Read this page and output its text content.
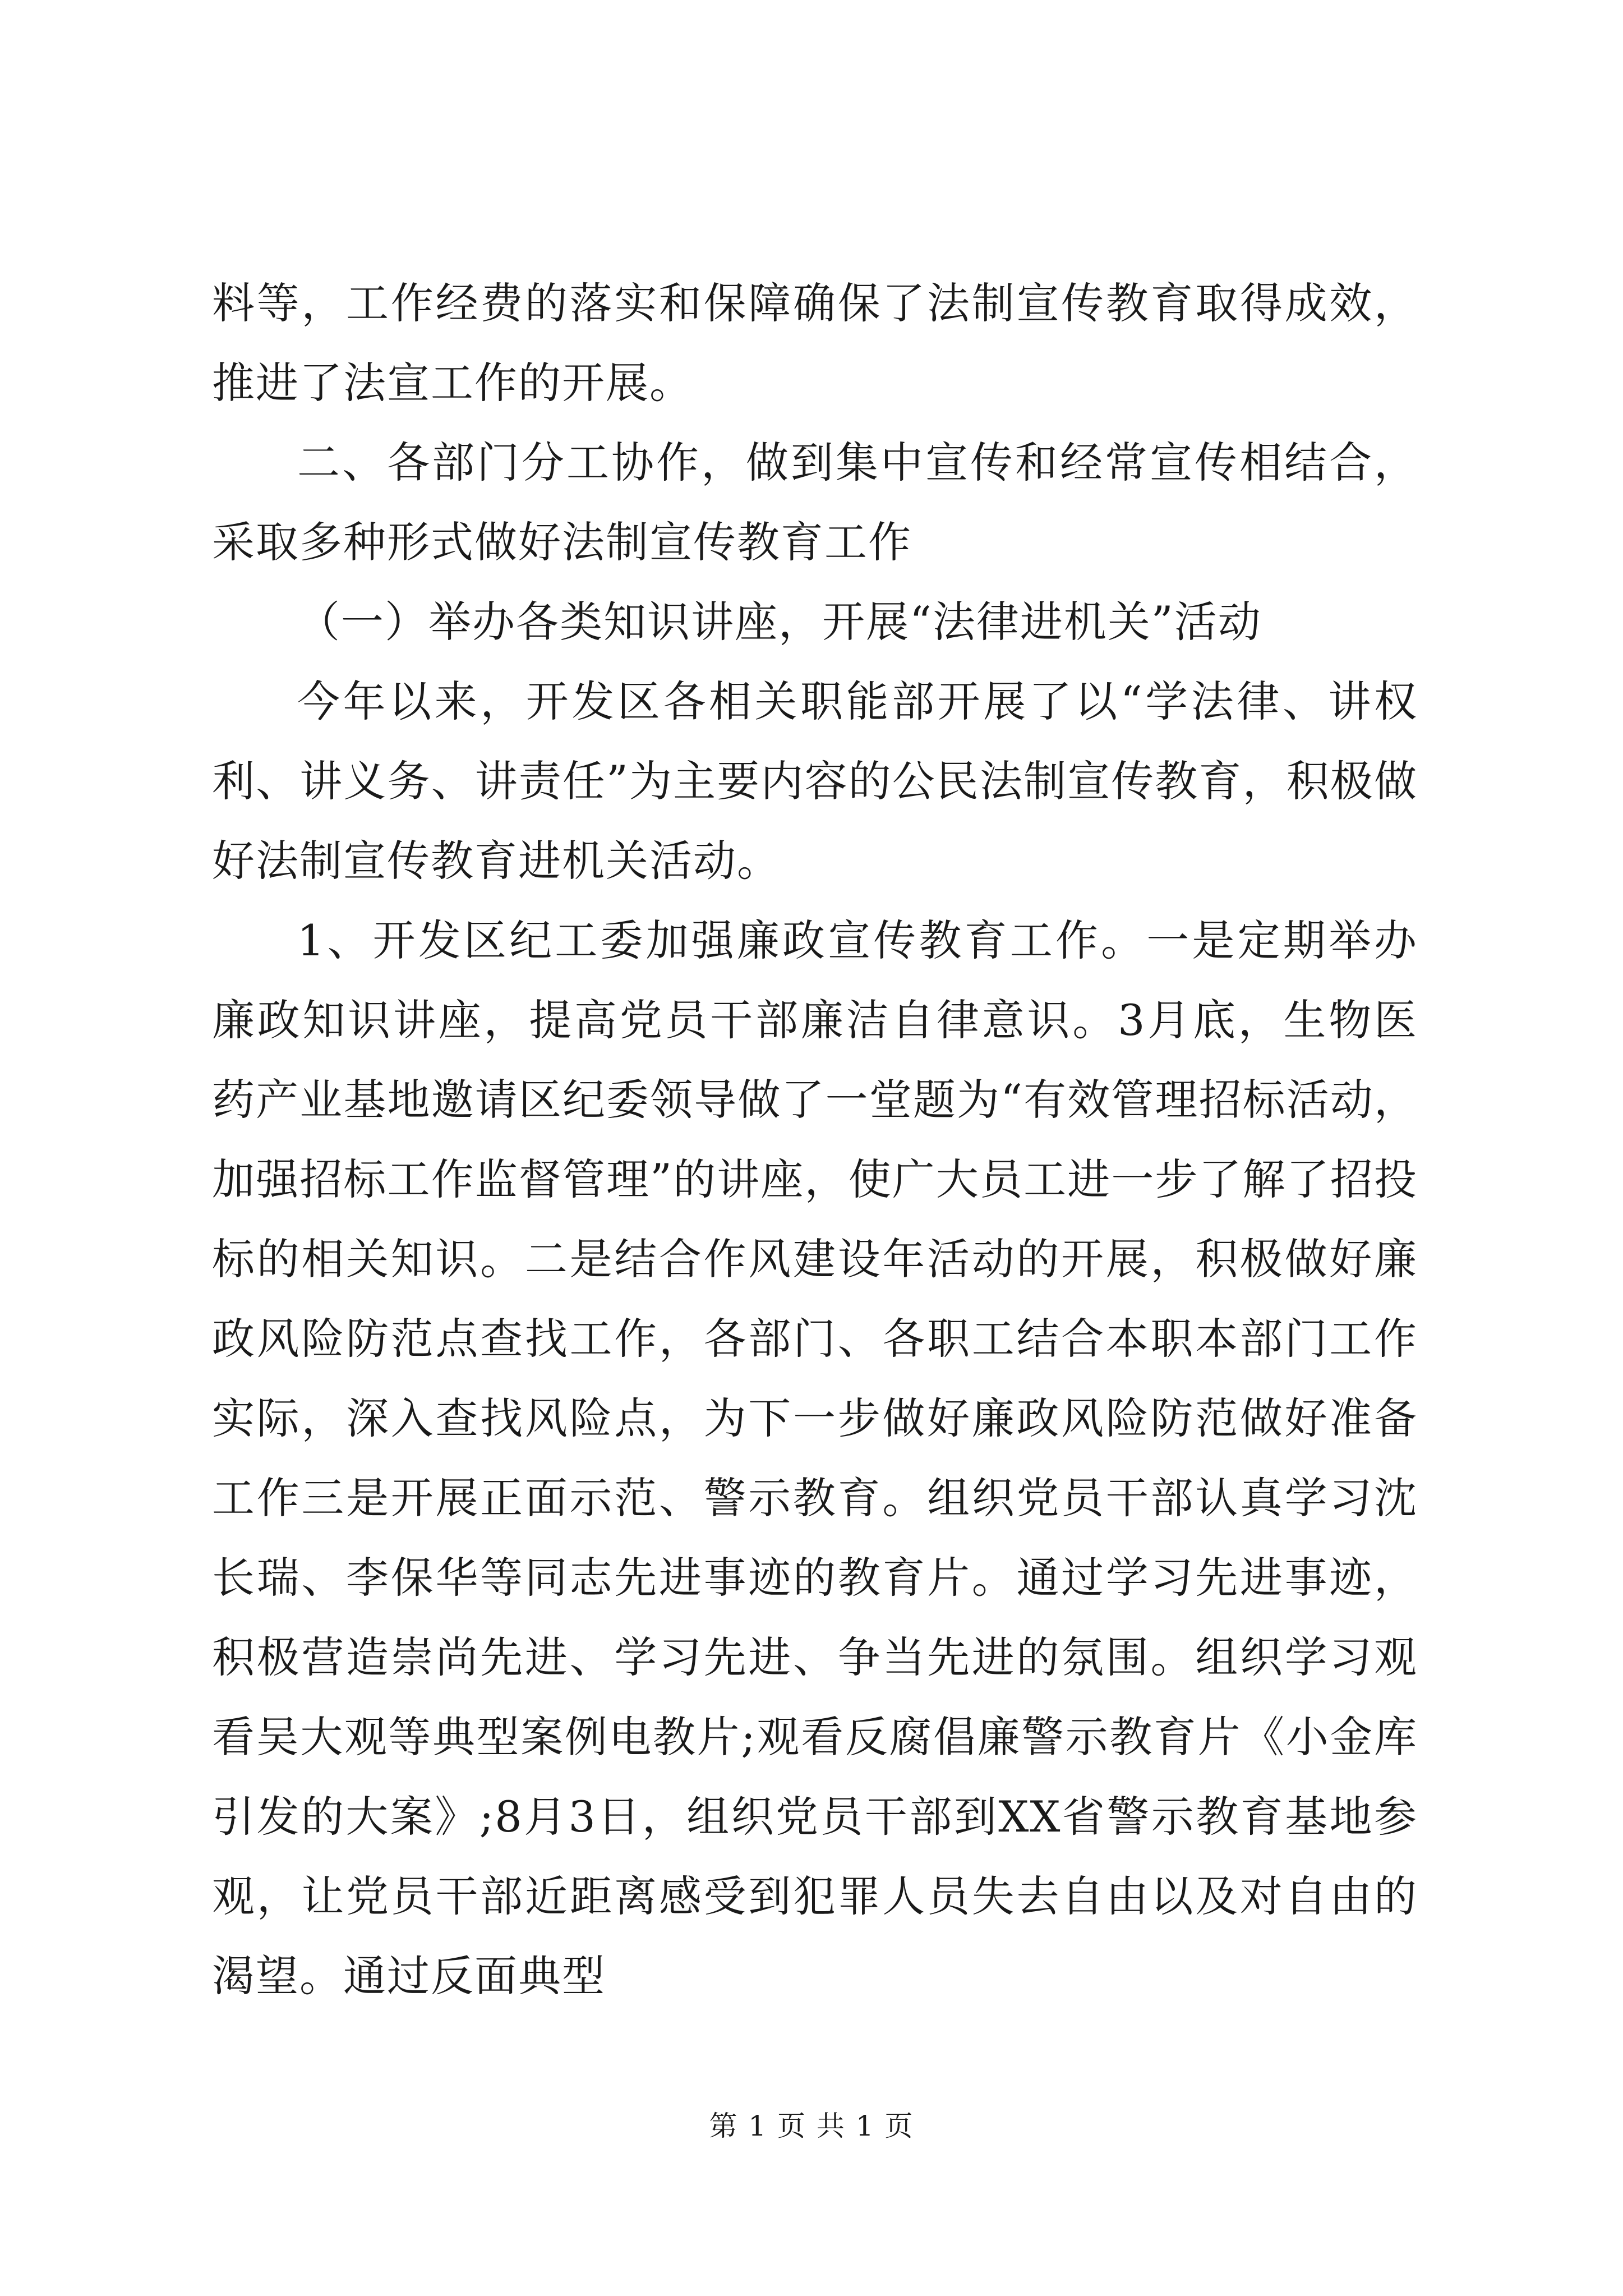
料等，工作经费的落实和保障确保了法制宣传教育取得成效，推进了法宣工作的开展。

二、各部门分工协作，做到集中宣传和经常宣传相结合，采取多种形式做好法制宣传教育工作

（一）举办各类知识讲座，开展“法律进机关”活动

今年以来，开发区各相关职能部开展了以“学法律、讲权利、讲义务、讲责任”为主要内容的公民法制宣传教育，积极做好法制宣传教育进机关活动。

1、开发区纪工委加强廉政宣传教育工作。一是定期举办廉政知识讲座，提高党员干部廉洁自律意识。3月底，生物医药产业基地邀请区纪委领导做了一堂题为“有效管理招标活动，加强招标工作监督管理”的讲座，使广大员工进一步了解了招投标的相关知识。二是结合作风建设年活动的开展，积极做好廉政风险防范点查找工作，各部门、各职工结合本职本部门工作实际，深入查找风险点，为下一步做好廉政风险防范做好准备工作三是开展正面示范、警示教育。组织党员干部认真学习沈长瑞、李保华等同志先进事迹的教育片。通过学习先进事迹，积极营造崇尚先进、学习先进、争当先进的氛围。组织学习观看吴大观等典型案例电教片;观看反腐倡廉警示教育片《小金库引发的大案》;8月3日，组织党员干部到XX省警示教育基地参观，让党员干部近距离感受到犯罪人员失去自由以及对自由的渴望。通过反面典型

第 1 页 共 1 页
